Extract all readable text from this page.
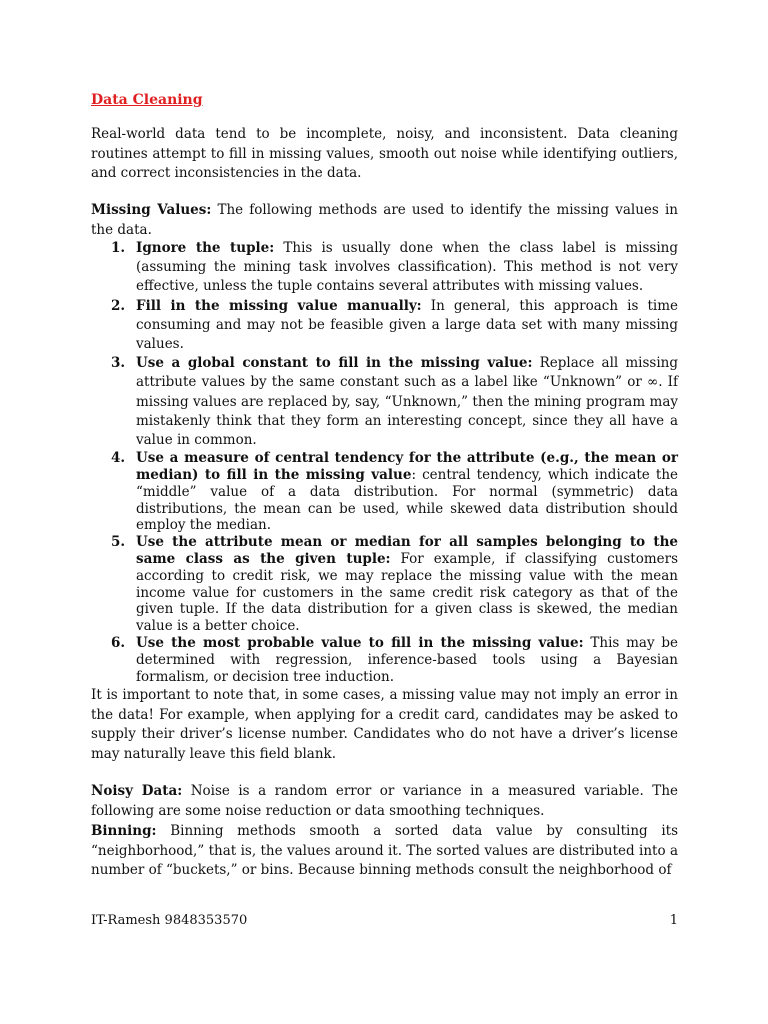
Data Cleaning

Real-world data tend to be incomplete, noisy, and inconsistent. Data cleaning routines attempt to fill in missing values, smooth out noise while identifying outliers, and correct inconsistencies in the data.

Missing Values: The following methods are used to identify the missing values in the data.

1. Ignore the tuple: This is usually done when the class label is missing (assuming the mining task involves classification). This method is not very effective, unless the tuple contains several attributes with missing values.
2. Fill in the missing value manually: In general, this approach is time consuming and may not be feasible given a large data set with many missing values.
3. Use a global constant to fill in the missing value: Replace all missing attribute values by the same constant such as a label like “Unknown” or ∞. If missing values are replaced by, say, “Unknown,” then the mining program may mistakenly think that they form an interesting concept, since they all have a value in common.
4. Use a measure of central tendency for the attribute (e.g., the mean or median) to fill in the missing value: central tendency, which indicate the “middle” value of a data distribution. For normal (symmetric) data distributions, the mean can be used, while skewed data distribution should employ the median.
5. Use the attribute mean or median for all samples belonging to the same class as the given tuple: For example, if classifying customers according to credit risk, we may replace the missing value with the mean income value for customers in the same credit risk category as that of the given tuple. If the data distribution for a given class is skewed, the median value is a better choice.
6. Use the most probable value to fill in the missing value: This may be determined with regression, inference-based tools using a Bayesian formalism, or decision tree induction.

It is important to note that, in some cases, a missing value may not imply an error in the data! For example, when applying for a credit card, candidates may be asked to supply their driver’s license number. Candidates who do not have a driver’s license may naturally leave this field blank.

Noisy Data: Noise is a random error or variance in a measured variable. The following are some noise reduction or data smoothing techniques.

Binning: Binning methods smooth a sorted data value by consulting its “neighborhood,” that is, the values around it. The sorted values are distributed into a number of “buckets,” or bins. Because binning methods consult the neighborhood of

IT-Ramesh 9848353570	1
